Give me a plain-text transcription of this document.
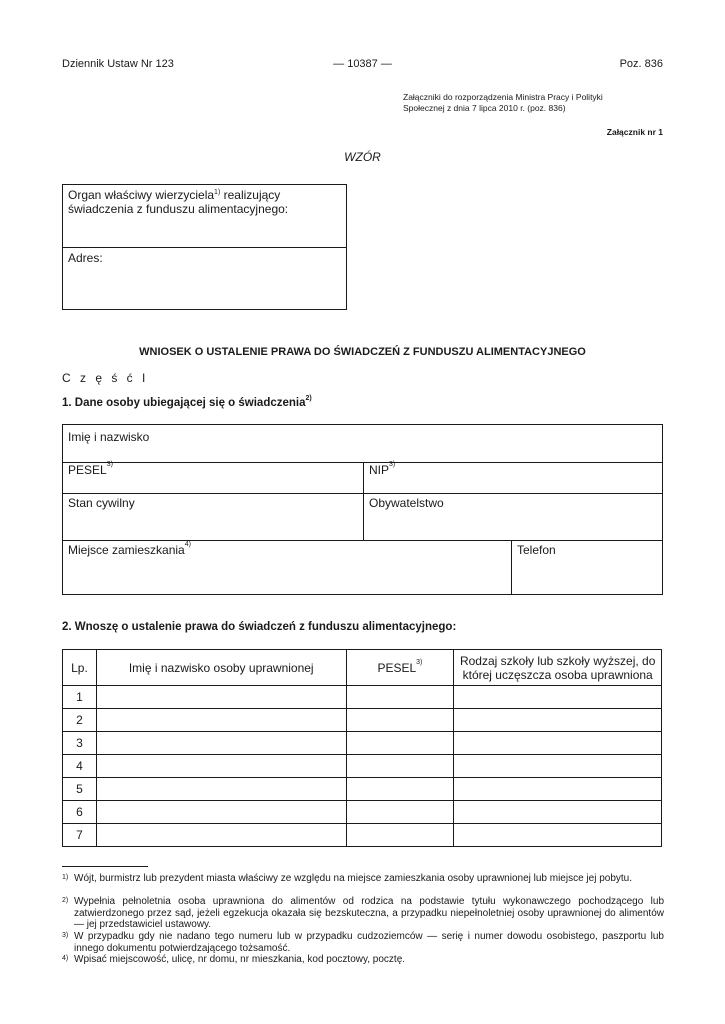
Dziennik Ustaw Nr 123	— 10387 —	Poz. 836
Załączniki do rozporządzenia Ministra Pracy i Polityki
Społecznej z dnia 7 lipca 2010 r. (poz. 836)
Załącznik nr 1
WZÓR
Organ właściwy wierzyciela$^{1)}$ realizujący
świadczenia z funduszu alimentacyjnego:
Adres:
WNIOSEK O USTALENIE PRAWA DO ŚWIADCZEŃ Z FUNDUSZU ALIMENTACYJNEGO
C z ę ś ć I
1. Dane osoby ubiegającej się o świadczenia$^{2)}$
Imię i nazwisko
PESEL$^{3)}$	NIP$^{3)}$
Stan cywilny	Obywatelstwo
Miejsce zamieszkania$^{4)}$	Telefon
2. Wnoszę o ustalenie prawa do świadczeń z funduszu alimentacyjnego:
Lp.	Imię i nazwisko osoby uprawnionej	PESEL$^{3)}$	Rodzaj szkoły lub szkoły wyższej, do
której uczęszcza osoba uprawniona

1			
2			
3			
4			
5			
6			
7			
1) Wójt, burmistrz lub prezydent miasta właściwy ze względu na miejsce zamieszkania osoby uprawnionej lub miejsce jej pobytu.
2) Wypełnia pełnoletnia osoba uprawniona do alimentów od rodzica na podstawie tytułu wykonawczego pochodzącego lub zatwierdzonego przez sąd, jeżeli egzekucja okazała się bezskuteczna, a przypadku niepełnoletniej osoby uprawnionej do alimentów — jej przedstawiciel ustawowy.
3) W przypadku gdy nie nadano tego numeru lub w przypadku cudzoziemców — serię i numer dowodu osobistego, paszportu lub innego dokumentu potwierdzającego tożsamość.
4) Wpisać miejscowość, ulicę, nr domu, nr mieszkania, kod pocztowy, pocztę.
